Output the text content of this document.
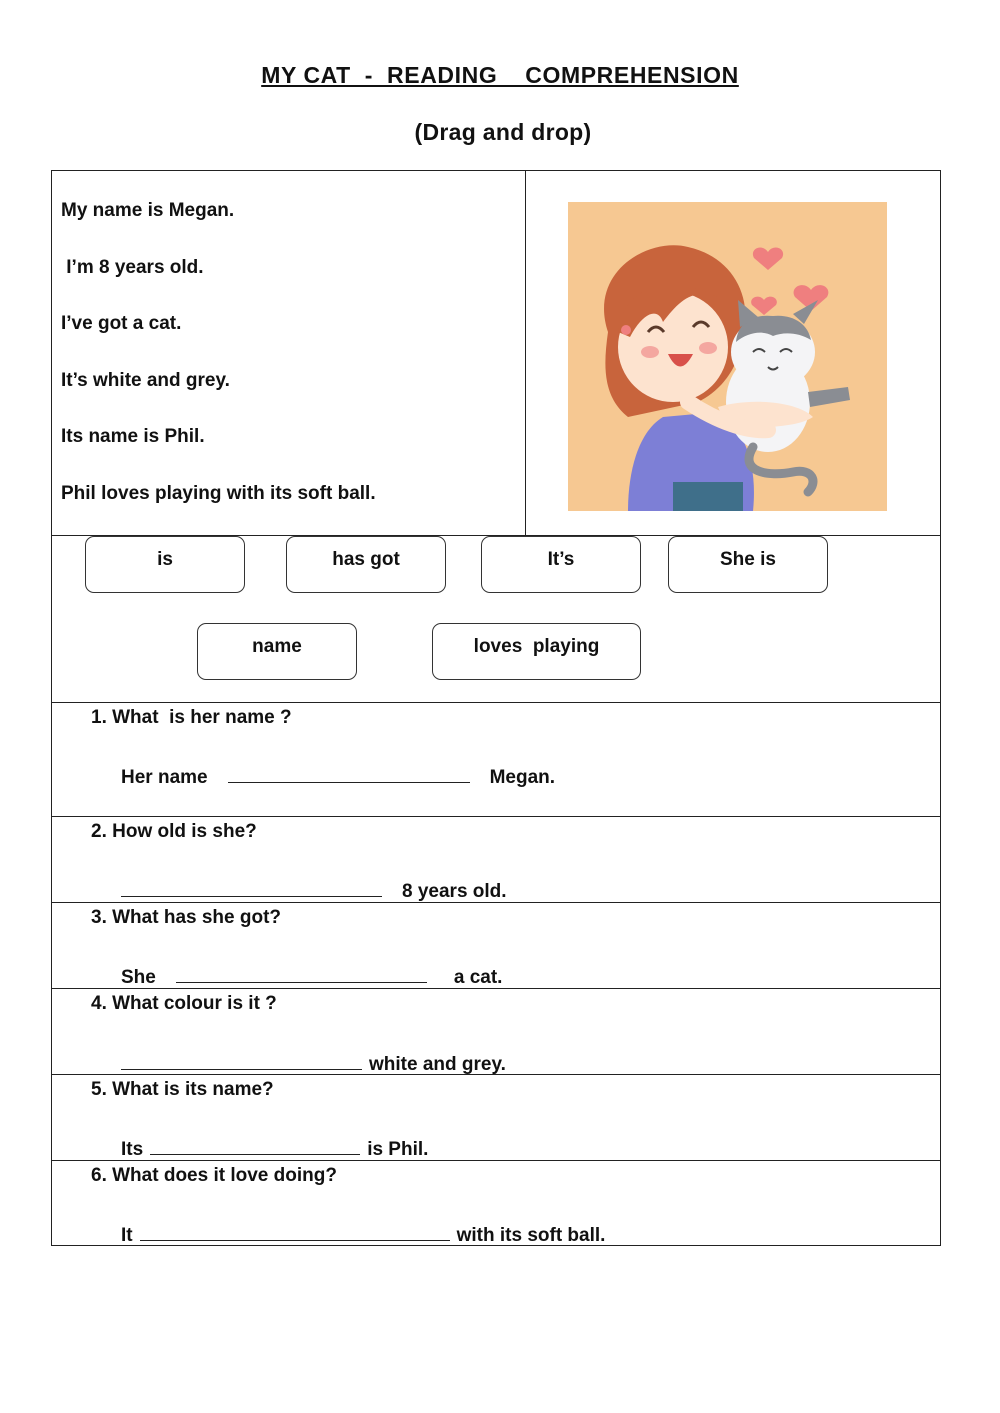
MY CAT  -  READING    COMPREHENSION
(Drag and drop)
My name is Megan.
I’m 8 years old.
I’ve got a cat.
It’s white and grey.
Its name is Phil.
Phil loves playing with its soft ball.
is	has got	It’s	She is
name	loves  playing
1. What  is her name ?
Her name	Megan.
2. How old is she?
8 years old.
3. What has she got?
She	a cat.
4. What colour is it ?
white and grey.
5. What is its name?
Its	is Phil.
6. What does it love doing?
It	with its soft ball.
